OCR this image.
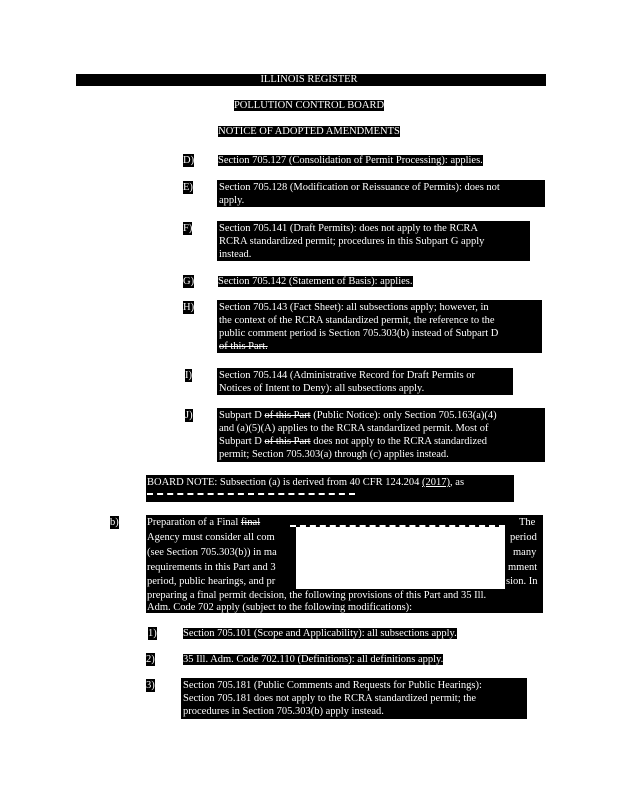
ILLINOIS REGISTER
POLLUTION CONTROL BOARD
NOTICE OF ADOPTED AMENDMENTS
D) Section 705.127 (Consolidation of Permit Processing): applies.
E) Section 705.128 (Modification or Reissuance of Permits): does not
apply.
F)	Section 705.141 (Draft Permits): does not apply to the RCRA
RCRA standardized permit; procedures in this Subpart G apply
instead.
G) Section 705.142 (Statement of Basis): applies.
H) Section 705.143 (Fact Sheet): all subsections apply; however, in
the context of the RCRA standardized permit, the reference to the
public comment period is Section 705.303(b) instead of Subpart D
of this Part.
I)	Section 705.144 (Administrative Record for Draft Permits or
Notices of Intent to Deny): all subsections apply.
J)	Subpart D of this Part (Public Notice): only Section 705.163(a)(4)
and (a)(5)(A) applies to the RCRA standardized permit. Most of
Subpart D of this Part does not apply to the RCRA standardized
permit; Section 705.303(a) through (c) applies instead.
BOARD NOTE: Subsection (a) is derived from 40 CFR 124.204 (2017), as
b)	Preparation of a Final final	The
Agency must consider all com	period
(see Section 705.303(b)) in ma	many
requirements in this Part and 3	mment
period, public hearings, and pr	sion. In
preparing a final permit decision, the following provisions of this Part and 35 Ill.
Adm. Code 702 apply (subject to the following modifications):
1)	Section 705.101 (Scope and Applicability): all subsections apply.
2)	35 Ill. Adm. Code 702.110 (Definitions): all definitions apply.
3)	Section 705.181 (Public Comments and Requests for Public Hearings):
Section 705.181 does not apply to the RCRA standardized permit; the
procedures in Section 705.303(b) apply instead.
